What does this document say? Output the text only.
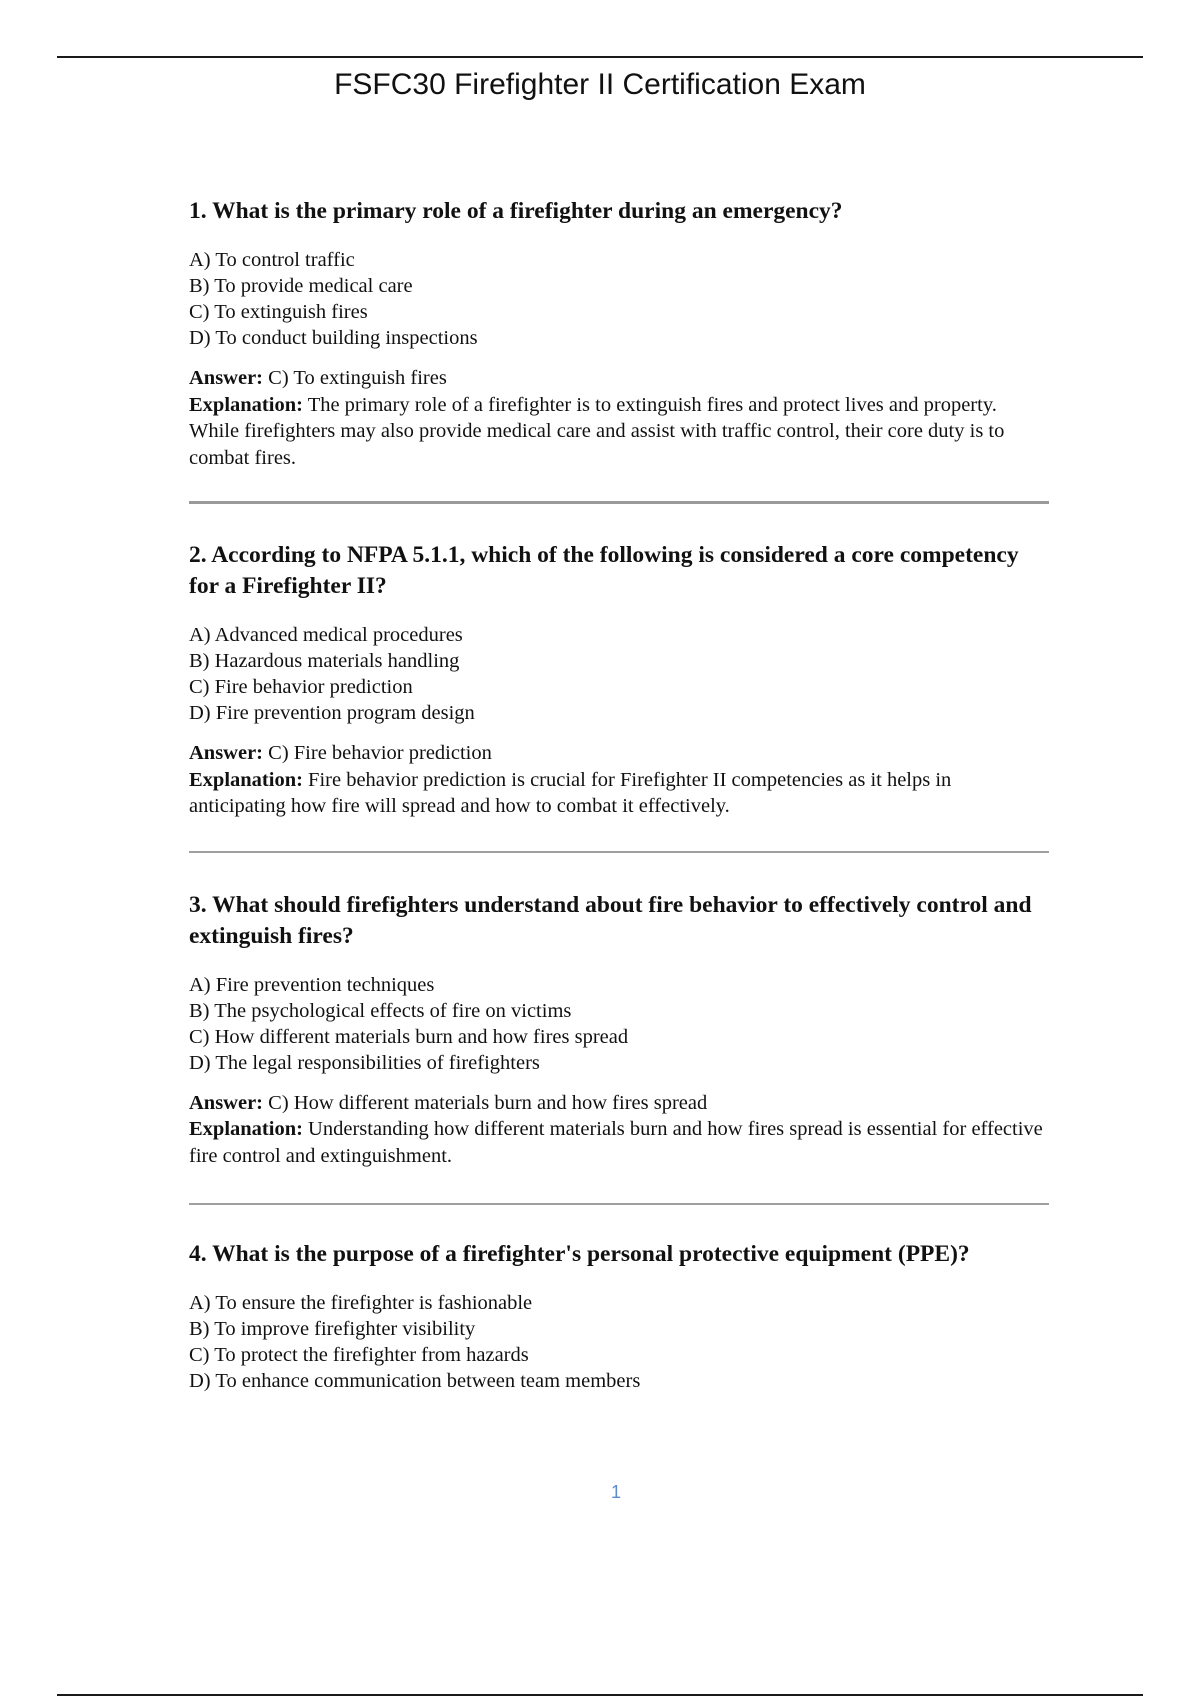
FSFC30 Firefighter II Certification Exam

1. What is the primary role of a firefighter during an emergency?

A) To control traffic
B) To provide medical care
C) To extinguish fires
D) To conduct building inspections

Answer: C) To extinguish fires

Explanation: The primary role of a firefighter is to extinguish fires and protect lives and property. While firefighters may also provide medical care and assist with traffic control, their core duty is to combat fires.

2. According to NFPA 5.1.1, which of the following is considered a core competency for a Firefighter II?

A) Advanced medical procedures
B) Hazardous materials handling
C) Fire behavior prediction
D) Fire prevention program design

Answer: C) Fire behavior prediction

Explanation: Fire behavior prediction is crucial for Firefighter II competencies as it helps in anticipating how fire will spread and how to combat it effectively.

3. What should firefighters understand about fire behavior to effectively control and extinguish fires?

A) Fire prevention techniques
B) The psychological effects of fire on victims
C) How different materials burn and how fires spread
D) The legal responsibilities of firefighters

Answer: C) How different materials burn and how fires spread

Explanation: Understanding how different materials burn and how fires spread is essential for effective fire control and extinguishment.

4. What is the purpose of a firefighter's personal protective equipment (PPE)?

A) To ensure the firefighter is fashionable
B) To improve firefighter visibility
C) To protect the firefighter from hazards
D) To enhance communication between team members
1
